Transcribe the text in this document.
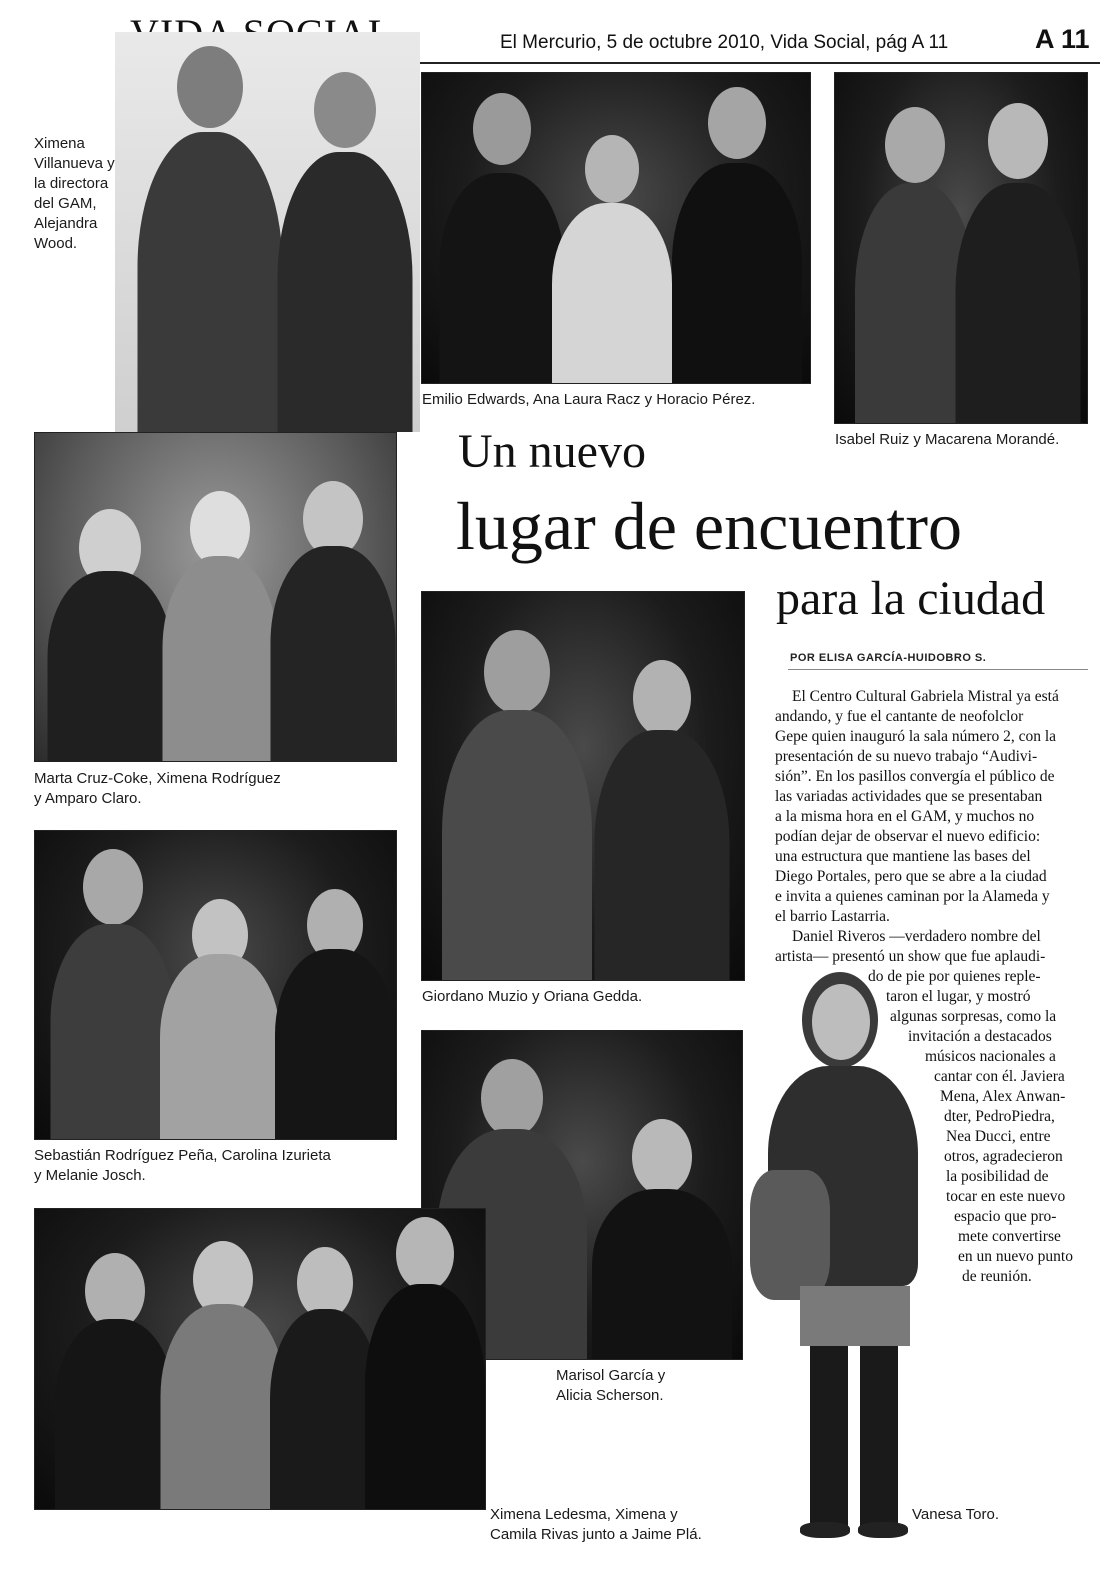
El Mercurio, 5 de octubre 2010, Vida Social, pág A 11	A 11
Ximena
Villanueva y
la directora
del GAM,
Alejandra
Wood.
Emilio Edwards, Ana Laura Racz y Horacio Pérez.
Isabel Ruiz y Macarena Morandé.
Marta Cruz-Coke, Ximena Rodríguez
y Amparo Claro.
Un nuevo
lugar de encuentro
para la ciudad
POR ELISA GARCÍA-HUIDOBRO S.
Giordano Muzio y Oriana Gedda.
El Centro Cultural Gabriela Mistral ya está
andando, y fue el cantante de neofolclor
Gepe quien inauguró la sala número 2, con la
presentación de su nuevo trabajo “Audivi-
sión”. En los pasillos convergía el público de
las variadas actividades que se presentaban
a la misma hora en el GAM, y muchos no
podían dejar de observar el nuevo edificio:
una estructura que mantiene las bases del
Diego Portales, pero que se abre a la ciudad
e invita a quienes caminan por la Alameda y
el barrio Lastarria.
Daniel Riveros —verdadero nombre del
artista— presentó un show que fue aplaudi-
do de pie por quienes reple-
taron el lugar, y mostró
algunas sorpresas, como la
invitación a destacados
músicos nacionales a
cantar con él. Javiera
Mena, Alex Anwan-
dter, PedroPiedra,
Nea Ducci, entre
otros, agradecieron
la posibilidad de
tocar en este nuevo
espacio que pro-
mete convertirse
en un nuevo punto
de reunión.
Sebastián Rodríguez Peña, Carolina Izurieta
y Melanie Josch.
Marisol García y
Alicia Scherson.
Ximena Ledesma, Ximena y
Camila Rivas junto a Jaime Plá.
Vanesa Toro.
